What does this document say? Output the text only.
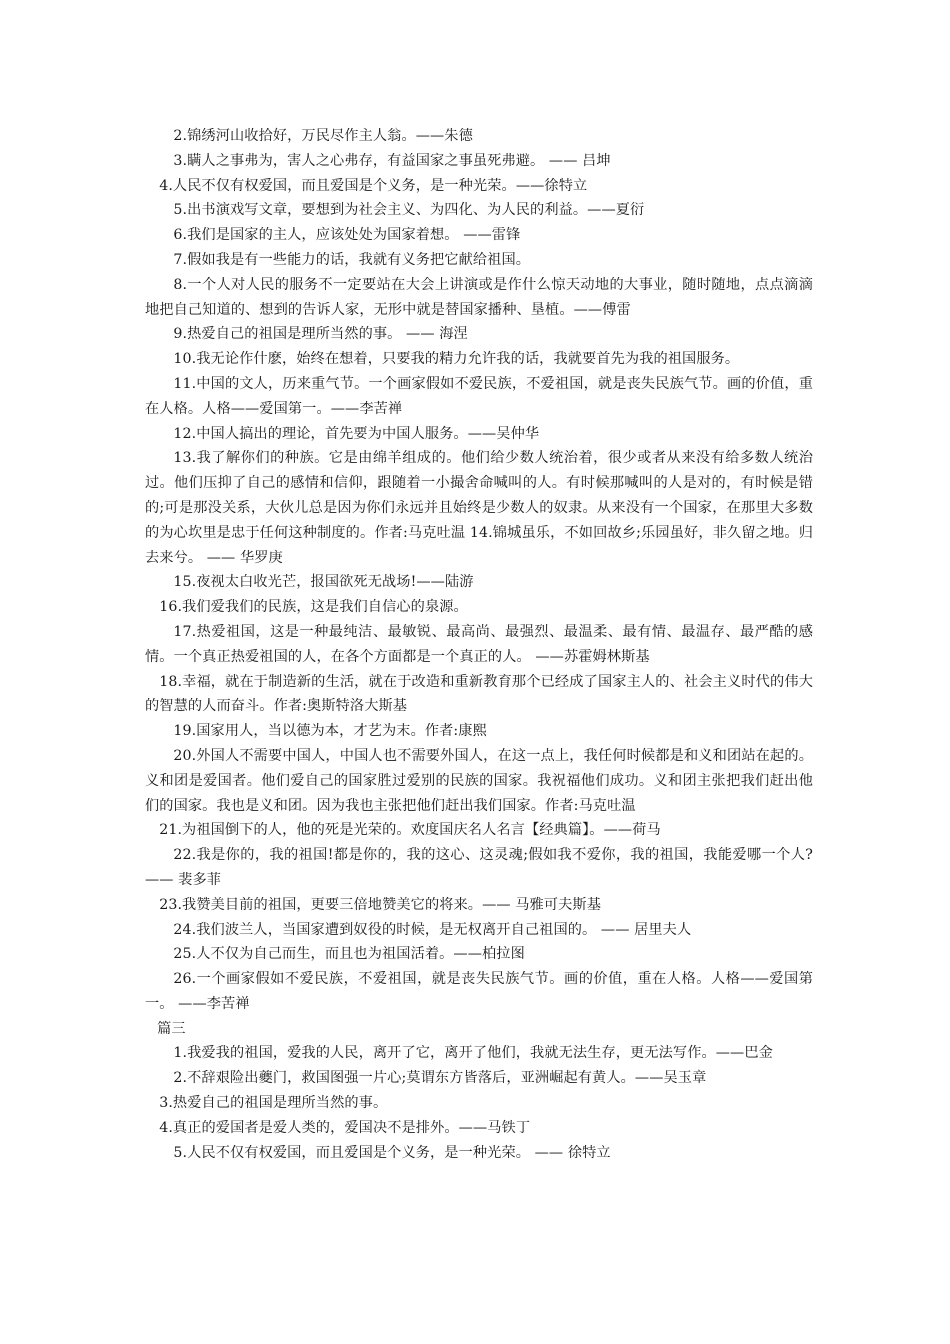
2.锦绣河山收拾好，万民尽作主人翁。——朱德

3.瞒人之事弗为，害人之心弗存，有益国家之事虽死弗避。 —— 吕坤

4.人民不仅有权爱国，而且爱国是个义务，是一种光荣。——徐特立

5.出书演戏写文章，要想到为社会主义、为四化、为人民的利益。——夏衍

6.我们是国家的主人，应该处处为国家着想。 ——雷锋

7.假如我是有一些能力的话，我就有义务把它献给祖国。

8.一个人对人民的服务不一定要站在大会上讲演或是作什么惊天动地的大事业，随时随地，点点滴滴地把自己知道的、想到的告诉人家，无形中就是替国家播种、垦植。——傅雷

9.热爱自己的祖国是理所当然的事。 —— 海涅

10.我无论作什麽，始终在想着，只要我的精力允许我的话，我就要首先为我的祖国服务。

11.中国的文人，历来重气节。一个画家假如不爱民族，不爱祖国，就是丧失民族气节。画的价值，重在人格。人格——爱国第一。——李苦禅

12.中国人搞出的理论，首先要为中国人服务。——吴仲华

13.我了解你们的种族。它是由绵羊组成的。他们给少数人统治着，很少或者从来没有给多数人统治过。他们压抑了自己的感情和信仰，跟随着一小撮舍命喊叫的人。有时候那喊叫的人是对的，有时候是错的;可是那没关系，大伙儿总是因为你们永远并且始终是少数人的奴隶。从来没有一个国家，在那里大多数的为心坎里是忠于任何这种制度的。作者:马克吐温 14.锦城虽乐，不如回故乡;乐园虽好，非久留之地。归去来兮。 —— 华罗庚

15.夜视太白收光芒，报国欲死无战场!——陆游

16.我们爱我们的民族，这是我们自信心的泉源。

17.热爱祖国，这是一种最纯洁、最敏锐、最高尚、最强烈、最温柔、最有情、最温存、最严酷的感情。一个真正热爱祖国的人，在各个方面都是一个真正的人。 ——苏霍姆林斯基

18.幸福，就在于制造新的生活，就在于改造和重新教育那个已经成了国家主人的、社会主义时代的伟大的智慧的人而奋斗。作者:奥斯特洛大斯基

19.国家用人，当以德为本，才艺为末。作者:康熙

20.外国人不需要中国人，中国人也不需要外国人，在这一点上，我任何时候都是和义和团站在起的。义和团是爱国者。他们爱自己的国家胜过爱别的民族的国家。我祝福他们成功。义和团主张把我们赶出他们的国家。我也是义和团。因为我也主张把他们赶出我们国家。作者:马克吐温

21.为祖国倒下的人，他的死是光荣的。欢度国庆名人名言【经典篇】。——荷马

22.我是你的，我的祖国!都是你的，我的这心、这灵魂;假如我不爱你，我的祖国，我能爱哪一个人? —— 裴多菲

23.我赞美目前的祖国，更要三倍地赞美它的将来。—— 马雅可夫斯基

24.我们波兰人，当国家遭到奴役的时候，是无权离开自己祖国的。 —— 居里夫人

25.人不仅为自己而生，而且也为祖国活着。——柏拉图

26.一个画家假如不爱民族，不爱祖国，就是丧失民族气节。画的价值，重在人格。人格——爱国第一。 ——李苦禅

篇三

1.我爱我的祖国，爱我的人民，离开了它，离开了他们，我就无法生存，更无法写作。——巴金

2.不辞艰险出夔门，救国图强一片心;莫谓东方皆落后，亚洲崛起有黄人。——吴玉章

3.热爱自己的祖国是理所当然的事。

4.真正的爱国者是爱人类的，爱国决不是排外。——马铁丁

5.人民不仅有权爱国，而且爱国是个义务，是一种光荣。 —— 徐特立
